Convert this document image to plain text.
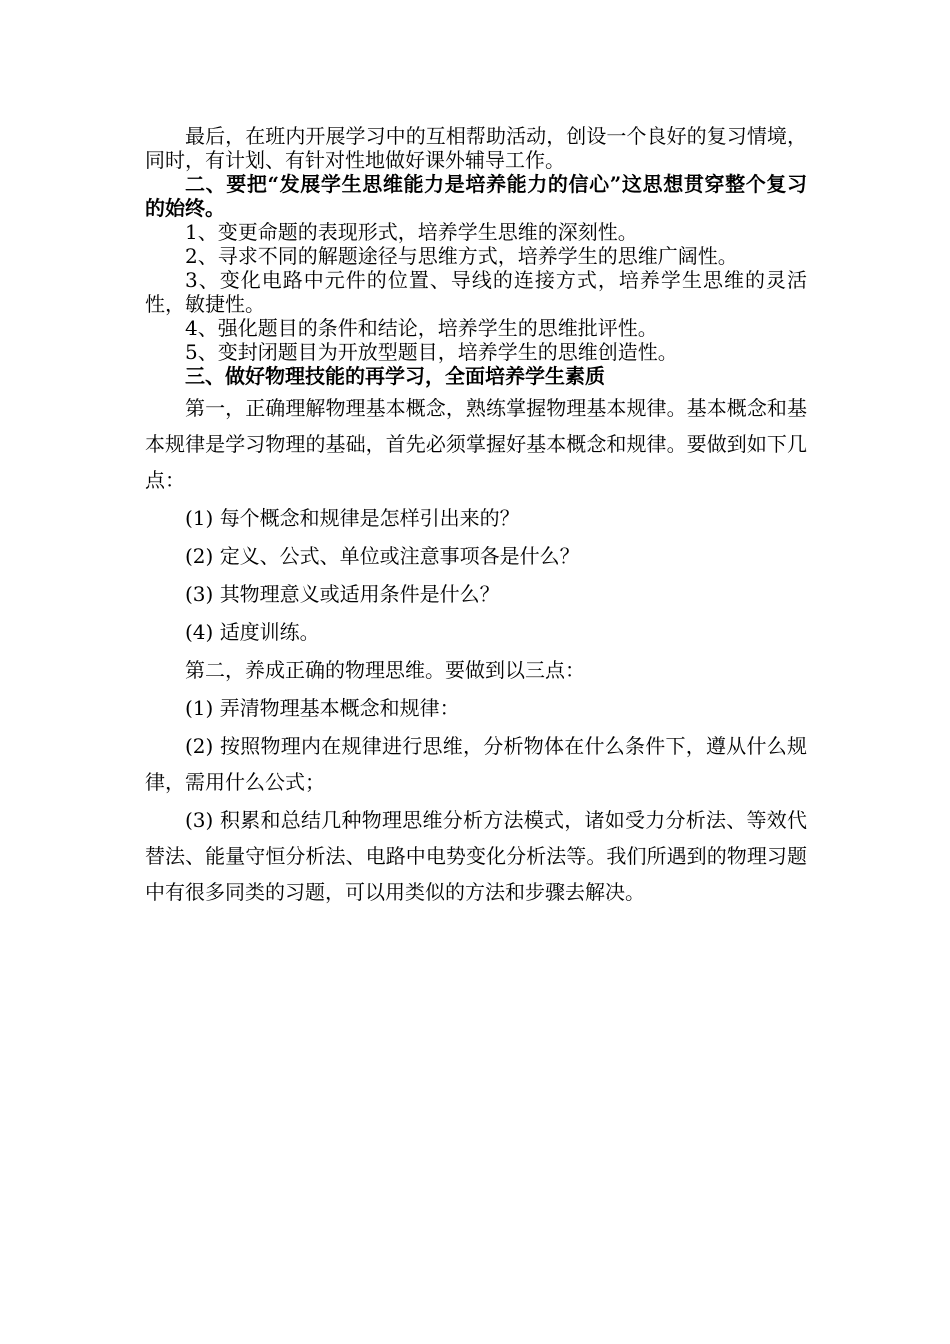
最后，在班内开展学习中的互相帮助活动，创设一个良好的复习情境，同时，有计划、有针对性地做好课外辅导工作。

二、要把“发展学生思维能力是培养能力的信心”这思想贯穿整个复习的始终。

1、变更命题的表现形式，培养学生思维的深刻性。

2、寻求不同的解题途径与思维方式，培养学生的思维广阔性。

3、变化电路中元件的位置、导线的连接方式，培养学生思维的灵活性，敏捷性。

4、强化题目的条件和结论，培养学生的思维批评性。

5、变封闭题目为开放型题目，培养学生的思维创造性。

三、做好物理技能的再学习，全面培养学生素质

第一，正确理解物理基本概念，熟练掌握物理基本规律。基本概念和基本规律是学习物理的基础，首先必须掌握好基本概念和规律。要做到如下几点：

(1) 每个概念和规律是怎样引出来的？

(2) 定义、公式、单位或注意事项各是什么？

(3) 其物理意义或适用条件是什么？

(4) 适度训练。

第二，养成正确的物理思维。要做到以三点：

(1) 弄清物理基本概念和规律：

(2) 按照物理内在规律进行思维，分析物体在什么条件下，遵从什么规律，需用什么公式；

(3) 积累和总结几种物理思维分析方法模式，诸如受力分析法、等效代替法、能量守恒分析法、电路中电势变化分析法等。我们所遇到的物理习题中有很多同类的习题，可以用类似的方法和步骤去解决。
